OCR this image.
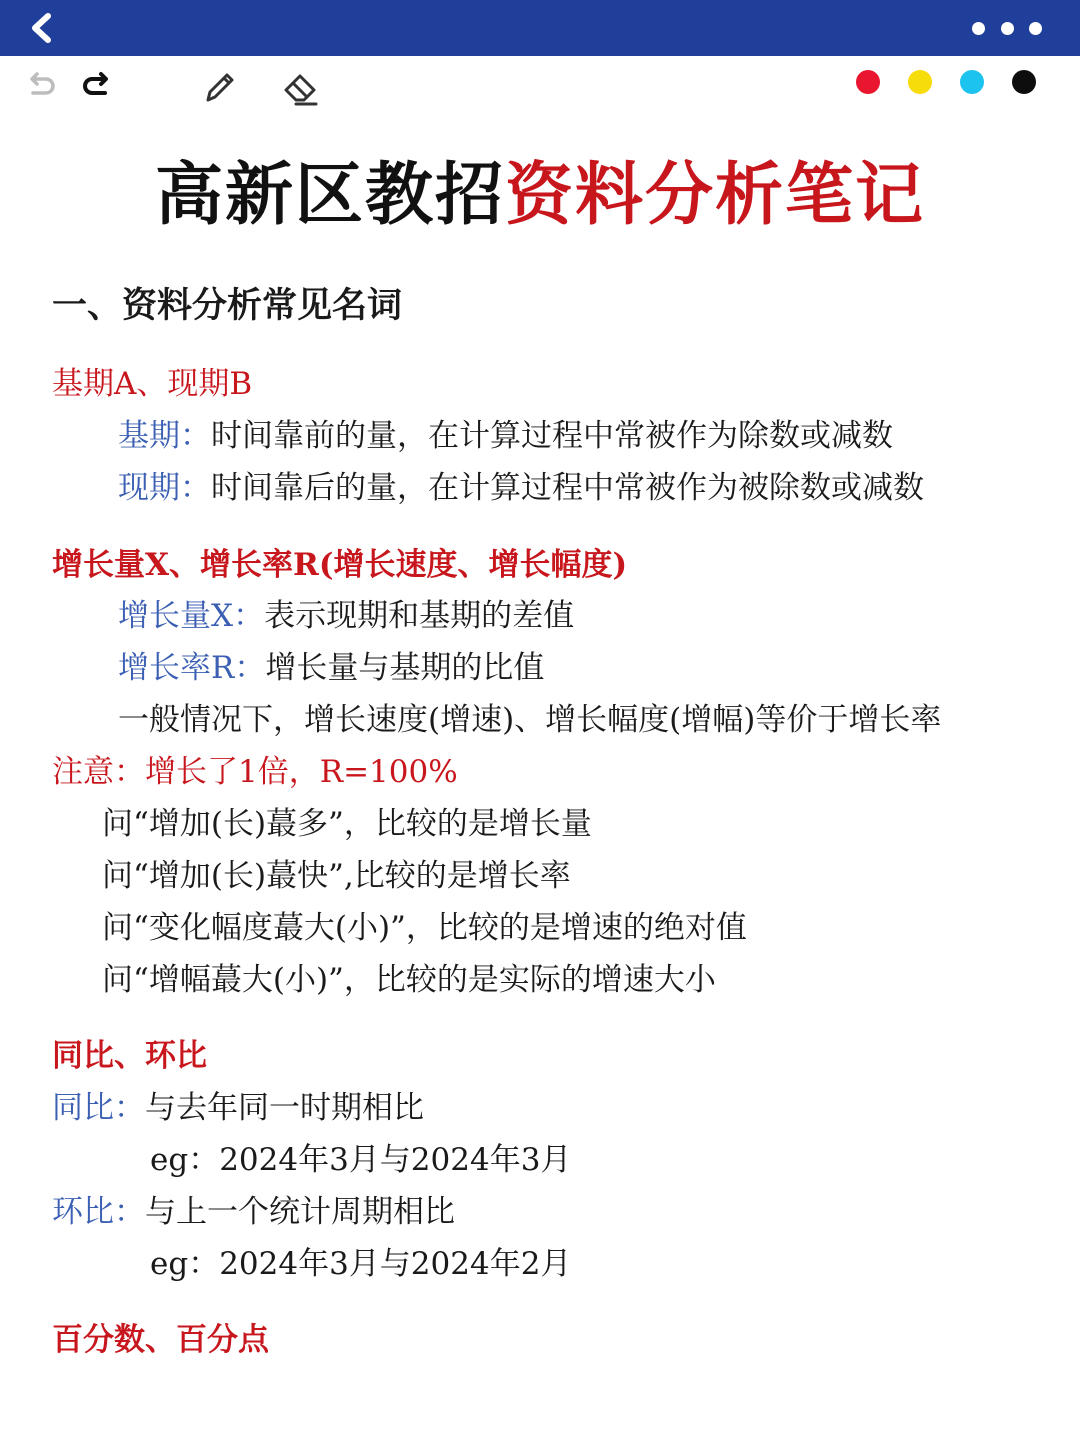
高新区教招资料分析笔记
一、资料分析常见名词
基期A、现期B
基期：时间靠前的量，在计算过程中常被作为除数或减数
现期：时间靠后的量，在计算过程中常被作为被除数或减数
增长量X、增长率R(增长速度、增长幅度)
增长量X：表示现期和基期的差值
增长率R：增长量与基期的比值
一般情况下，增长速度(增速)、增长幅度(增幅)等价于增长率
注意：增长了1倍，R=100%
问“增加(长)蕞多”，比较的是增长量
问“增加(长)蕞快”,比较的是增长率
问“变化幅度蕞大(小)”，比较的是增速的绝对值
问“增幅蕞大(小)”，比较的是实际的增速大小
同比、环比
同比：与去年同一时期相比
eg：2024年3月与2024年3月
环比：与上一个统计周期相比
eg：2024年3月与2024年2月
百分数、百分点
